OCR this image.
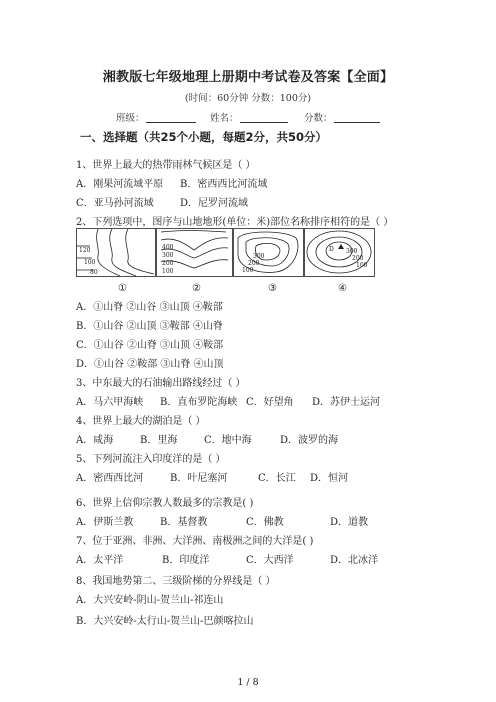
湘教版七年级地理上册期中考试卷及答案【全面】
(时间：60分钟 分数：100分)
班级：	姓名：	分数：
一、选择题（共25个小题，每题2分，共50分）
1、世界上最大的热带雨林气候区是（ ）
A．刚果河流域平原 B．密西西比河流域
C．亚马孙河流域	D．尼罗河流域
2、下列选项中，图序与山地地形(单位：米)部位名称排序相符的是（ ）
120
100
80
400
300
200
100
300
200
100
D 300
200
100
①	②	③	④
A．①山脊 ②山谷 ③山顶 ④鞍部
B．①山谷 ②山顶 ③鞍部 ④山脊
C．①山谷 ②山脊 ③山顶 ④鞍部
D．①山谷 ②鞍部 ③山脊 ④山顶
3、中东最大的石油输出路线经过（ ）
A．马六甲海峡 B．直布罗陀海峡 C．好望角 D．苏伊士运河
4、世界上最大的湖泊是（ ）
A．咸海	B．里海	C．地中海	D．波罗的海
5、下列河流注入印度洋的是（ ）
A．密西西比河	B．叶尼塞河	C．长江 D．恒河
6、世界上信仰宗教人数最多的宗教是( )
A．伊斯兰教	B．基督教	C．佛教	D．道教
7、位于亚洲、非洲、大洋洲、南极洲之间的大洋是( )
A．太平洋	B．印度洋	C．大西洋	D．北冰洋
8、我国地势第二、三级阶梯的分界线是（ ）
A．大兴安岭-阴山-贺兰山-祁连山
B．大兴安岭-太行山-贺兰山-巴颜喀拉山
1 / 8
